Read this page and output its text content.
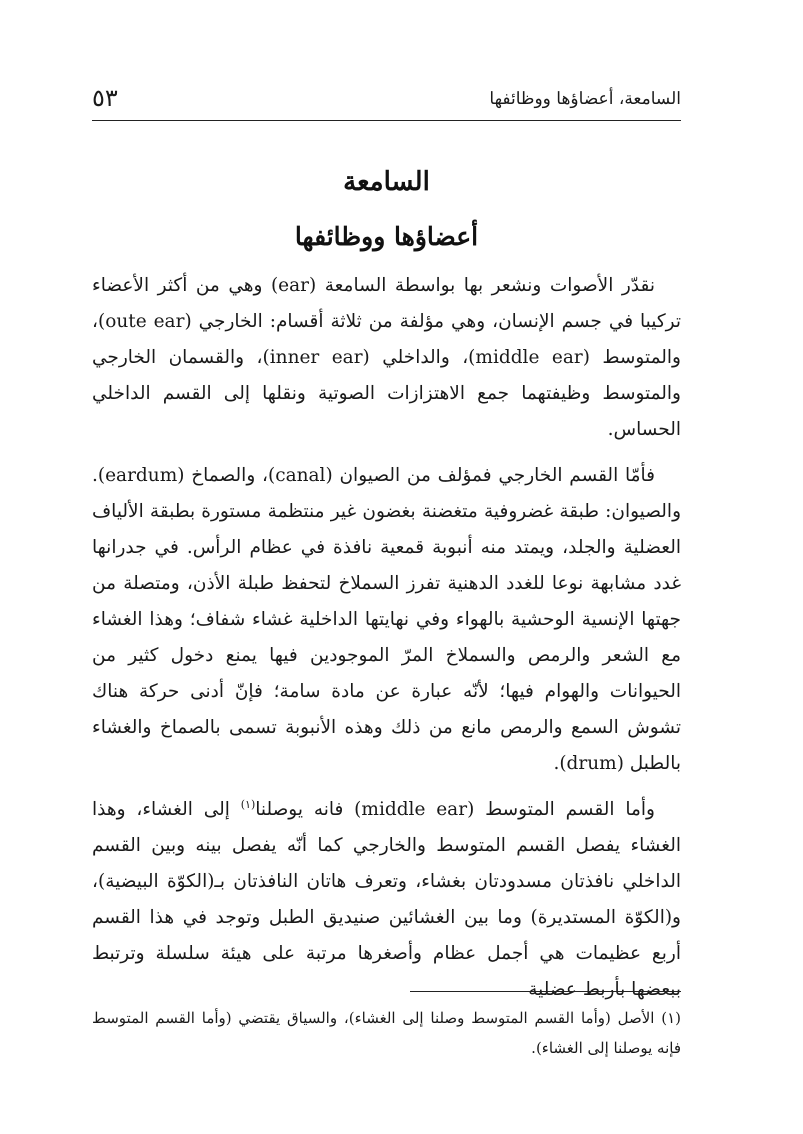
٥٣	السامعة، أعضاؤها ووظائفها
السامعة
أعضاؤها ووظائفها

نقدّر الأصوات ونشعر بها بواسطة السامعة (ear) وهي من أكثر الأعضاء تركيبا في جسم الإنسان، وهي مؤلفة من ثلاثة أقسام: الخارجي (oute ear)، والمتوسط (middle ear)، والداخلي (inner ear)، والقسمان الخارجي والمتوسط وظيفتهما جمع الاهتزازات الصوتية ونقلها إلى القسم الداخلي الحساس.

فأمّا القسم الخارجي فمؤلف من الصيوان (canal)، والصماخ (eardum). والصيوان: طبقة غضروفية متغضنة بغضون غير منتظمة مستورة بطبقة الألياف العضلية والجلد، ويمتد منه أنبوبة قمعية نافذة في عظام الرأس. في جدرانها غدد مشابهة نوعا للغدد الدهنية تفرز السملاخ لتحفظ طبلة الأذن، ومتصلة من جهتها الإنسية الوحشية بالهواء وفي نهايتها الداخلية غشاء شفاف؛ وهذا الغشاء مع الشعر والرمص والسملاخ المرّ الموجودين فيها يمنع دخول كثير من الحيوانات والهوام فيها؛ لأنّه عبارة عن مادة سامة؛ فإنّ أدنى حركة هناك تشوش السمع والرمص مانع من ذلك وهذه الأنبوبة تسمى بالصماخ والغشاء بالطبل (drum).

وأما القسم المتوسط (middle ear) فانه يوصلنا$^{(١)}$ إلى الغشاء، وهذا الغشاء يفصل القسم المتوسط والخارجي كما أنّه يفصل بينه وبين القسم الداخلي نافذتان مسدودتان بغشاء، وتعرف هاتان النافذتان بـ(الكوّة البيضية)، و(الكوّة المستديرة) وما بين الغشائين صنيديق الطبل وتوجد في هذا القسم أربع عظيمات هي أجمل عظام وأصغرها مرتبة على هيئة سلسلة وترتبط ببعضها بأربط عضلية

(١) الأصل (وأما القسم المتوسط وصلنا إلى الغشاء)، والسياق يقتضي (وأما القسم المتوسط فإنه يوصلنا إلى الغشاء).
